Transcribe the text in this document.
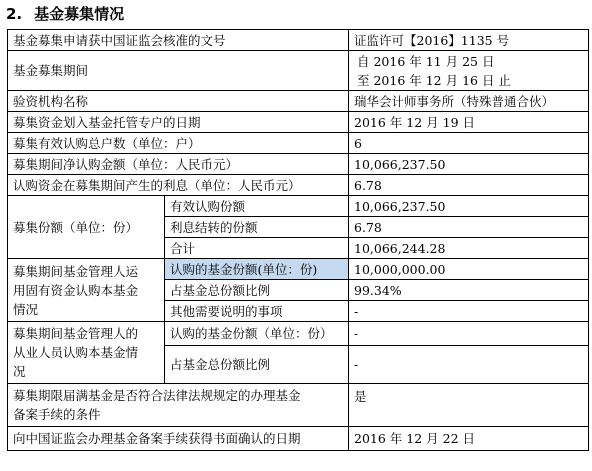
2. 基金募集情况
基金募集申请获中国证监会核准的文号		证监许可【2016】1135 号
基金募集期间		自 2016 年 11 月 25 日
至 2016 年 12 月 16 日 止

验资机构名称		瑞华会计师事务所（特殊普通合伙）
募集资金划入基金托管专户的日期		2016 年 12 月 19 日
募集有效认购总户数（单位：户）		6
募集期间净认购金额（单位：人民币元）		10,066,237.50
认购资金在募集期间产生的利息（单位：人民币元）		6.78
募集份额（单位：份）	有效认购份额	10,066,237.50
	利息结转的份额	6.78
	合计	10,066,244.28

募集期间基金管理人运
用固有资金认购本基金
情况	认购的基金份额(单位：份)	10,000,000.00
	占基金总份额比例	99.34%
	其他需要说明的事项	-

募集期间基金管理人的
从业人员认购本基金情
况	认购的基金份额（单位：份）	-
	占基金总份额比例	-

募集期限届满基金是否符合法律法规规定的办理基金
备案手续的条件		是
向中国证监会办理基金备案手续获得书面确认的日期		2016 年 12 月 22 日
